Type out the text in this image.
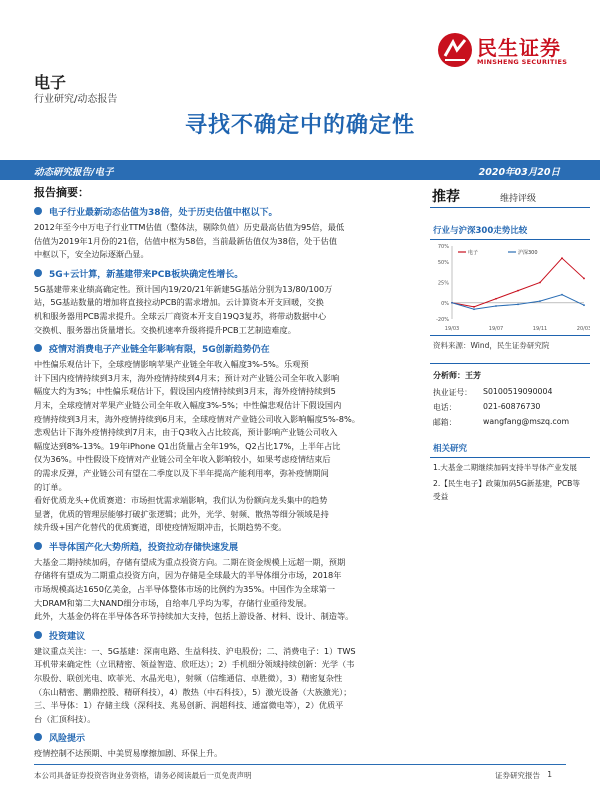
民生证券
MINSHENG SECURITIES
电子
行业研究/动态报告
寻找不确定中的确定性
动态研究报告/电子	2020年03月20日
报告摘要：
电子行业最新动态估值为38倍，处于历史估值中枢以下。
2012年至今中万电子行业TTM估值（整体法，剔除负值）历史最高估值为95倍，最低
估值为2019年1月份的21倍，估值中枢为58倍，当前最新估值仅为38倍，处于估值
中枢以下，安全边际逐渐凸显。
5G+云计算，新基建带来PCB板块确定性增长。
5G基建带来业绩高确定性。预计国内19/20/21年新建5G基站分别为13/80/100万
站，5G基站数量的增加将直接拉动PCB的需求增加。云计算资本开支回暖，交换
机和服务器用PCB需求提升。全球云厂商资本开支自19Q3复苏，将带动数据中心
交换机、服务器出货量增长。交换机速率升级将提升PCB工艺制造难度。
疫情对消费电子产业链全年影响有限，5G创新趋势仍在
中性偏乐观估计下，全球疫情影响苹果产业链全年收入幅度3%-5%。乐观预
计下国内疫情持续到3月末，海外疫情持续到4月末；预计对产业链公司全年收入影响
幅度大约为3%；中性偏乐观估计下，假设国内疫情持续到3月末，海外疫情持续到5
月末，全球疫情对苹果产业链公司全年收入幅度3%-5%；中性偏悲观估计下假设国内
疫情持续到3月末，海外疫情持续到6月末，全球疫情对产业链公司收入影响幅度5%-8%。
悲观估计下海外疫情持续到7月末，由于Q3收入占比较高，预计影响产业链公司收入
幅度达到8%-13%。19年iPhone Q1出货量占全年19%，Q2占比17%，上半年占比
仅为36%。中性假设下疫情对产业链公司全年收入影响较小，如果考虑疫情结束后
的需求反弹，产业链公司有望在二季度以及下半年提高产能利用率，弥补疫情期间
的订单。
看好优质龙头+优质赛道：市场担忧需求端影响，我们认为份额向龙头集中的趋势
显著，优质的管理层能够打破扩张逻辑；此外，光学、射频、散热等细分领域是持
续升级+国产化替代的优质赛道，即使疫情短期冲击，长期趋势不变。
半导体国产化大势所趋，投资拉动存储快速发展
大基金二期持续加码，存储有望成为重点投资方向。二期在资金规模上远超一期，预期
存储将有望成为二期重点投资方向，因为存储是全球最大的半导体细分市场，2018年
市场规模高达1650亿美金，占半导体整体市场的比例约为35%。中国作为全球第一
大DRAM和第二大NAND细分市场，自给率几乎均为零，存储行业亟待发展。
此外，大基金仍将在半导体各环节持续加大支持，包括上游设备、材料、设计、制造等。
投资建议
建议重点关注：一、5G基建：深南电路、生益科技、沪电股份；二、消费电子：1）TWS
耳机带来确定性（立讯精密、领益智造、欣旺达）；2）手机细分领域持续创新：光学（韦
尔股份、联创光电、欧菲光、水晶光电），射频（信维通信、卓胜微），3）精密复杂性
（东山精密、鹏鼎控股、精研科技），4）散热（中石科技），5）激光设备（大族激光）；
三、半导体：1）存储主线（深科技、兆易创新、润超科技、通富微电等），2）优质平
台（汇顶科技）。
风险提示
疫情控制不达预期、中美贸易摩擦加剧、环保上升。
推荐	维持评级
行业与沪深300走势比较
-20%
0%
25%
50%
70%
19/03	19/07	19/11	20/03
电子	沪深300
资料来源：Wind，民生证券研究院
分析师：王芳
执业证号：	S0100519090004
电话：	021-60876730
邮箱：	wangfang@mszq.com
相关研究
1.大基金二期继续加码支持半导体产业发展
2.【民生电子】政策加码5G新基建，PCB等受益
本公司具备证券投资咨询业务资格，请务必阅读最后一页免责声明	证券研究报告 1
